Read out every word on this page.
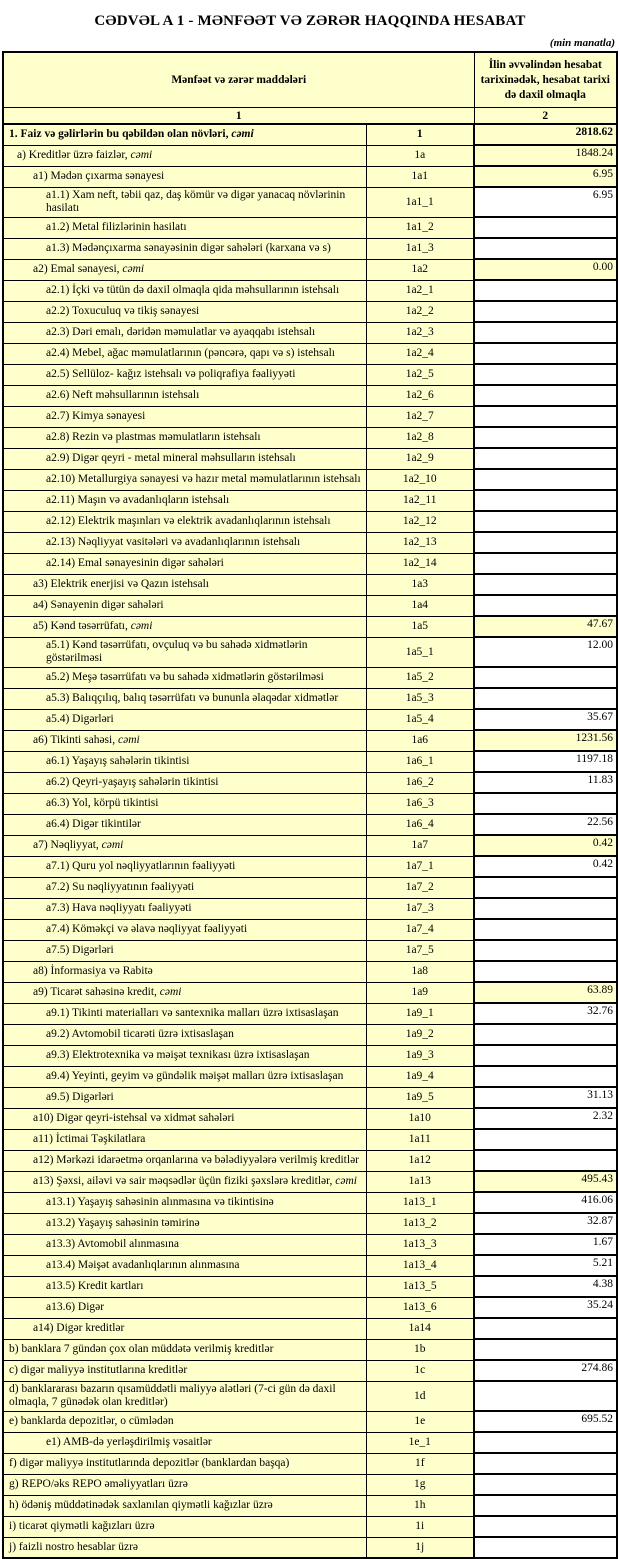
CƏDVƏL A 1 - MƏNFƏƏT VƏ ZƏRƏR HAQQINDA HESABAT
(min manatla)
Mənfəət və zərər maddələri		İlin əvvəlindən hesabat tarixinədək, hesabat tarixi də daxil olmaqla
1		2
1. Faiz və gəlirlərin bu qəbildən olan növləri, cəmi	1	2818.62
a) Kreditlər üzrə faizlər, cəmi	1a	1848.24
a1) Mədən çıxarma sənayesi	1a1	6.95
a1.1) Xam neft, təbii qaz, daş kömür və digər yanacaq növlərinin hasilatı	1a1_1	6.95
a1.2) Metal filizlərinin hasilatı	1a1_2	
a1.3) Mədənçıxarma sənayəsinin digər sahələri (karxana və s)	1a1_3	
a2) Emal sənayesi, cəmi	1a2	0.00
a2.1) İçki və tütün də daxil olmaqla qida məhsullarının istehsalı	1a2_1	
a2.2) Toxuculuq və tikiş sənayesi	1a2_2	
a2.3) Dəri emalı, dəridən məmulatlar və ayaqqabı istehsalı	1a2_3	
a2.4) Mebel, ağac məmulatlarının (pəncərə, qapı və s) istehsalı	1a2_4	
a2.5) Sellüloz- kağız istehsalı və poliqrafiya fəaliyyəti	1a2_5	
a2.6) Neft məhsullarının istehsalı	1a2_6	
a2.7) Kimya sənayesi	1a2_7	
a2.8) Rezin və plastmas məmulatların istehsalı	1a2_8	
a2.9) Digər qeyri - metal mineral məhsulların istehsalı	1a2_9	
a2.10) Metallurgiya sənayesi və hazır metal məmulatlarının istehsalı	1a2_10	
a2.11) Maşın və avadanlıqların istehsalı	1a2_11	
a2.12) Elektrik maşınları və elektrik avadanlıqlarının istehsalı	1a2_12	
a2.13) Nəqliyyat vasitələri və avadanlıqlarının istehsalı	1a2_13	
a2.14) Emal sənayesinin digər sahələri	1a2_14	
a3) Elektrik enerjisi və Qazın istehsalı	1a3	
a4) Sənayenin digər sahələri	1a4	
a5) Kənd təsərrüfatı, cəmi	1a5	47.67
a5.1) Kənd təsərrüfatı, ovçuluq və bu sahədə xidmətlərin göstərilməsi	1a5_1	12.00
a5.2) Meşə təsərrüfatı və bu sahədə xidmətlərin göstərilməsi	1a5_2	
a5.3) Balıqçılıq, balıq təsərrüfatı və bununla əlaqədar xidmətlər	1a5_3	
a5.4) Digərləri	1a5_4	35.67
a6) Tikinti sahəsi, cəmi	1a6	1231.56
a6.1) Yaşayış sahələrin tikintisi	1a6_1	1197.18
a6.2) Qeyri-yaşayış sahələrin tikintisi	1a6_2	11.83
a6.3) Yol, körpü tikintisi	1a6_3	
a6.4) Digər tikintilər	1a6_4	22.56
a7) Nəqliyyat, cəmi	1a7	0.42
a7.1) Quru yol nəqliyyatlarının fəaliyyəti	1a7_1	0.42
a7.2) Su nəqliyyatının fəaliyyəti	1a7_2	
a7.3) Hava nəqliyyatı fəaliyyəti	1a7_3	
a7.4) Köməkçi və əlavə nəqliyyat fəaliyyəti	1a7_4	
a7.5) Digərləri	1a7_5	
a8) İnformasiya və Rabitə	1a8	
a9) Ticarət sahəsinə kredit, cəmi	1a9	63.89
a9.1) Tikinti materialları və santexnika malları üzrə ixtisaslaşan	1a9_1	32.76
a9.2) Avtomobil ticarəti üzrə ixtisaslaşan	1a9_2	
a9.3) Elektrotexnika və məişət texnikası üzrə ixtisaslaşan	1a9_3	
a9.4) Yeyinti, geyim və gündəlik məişət malları üzrə ixtisaslaşan	1a9_4	
a9.5) Digərləri	1a9_5	31.13
a10) Digər qeyri-istehsal və xidmət sahələri	1a10	2.32
a11) İctimai Təşkilatlara	1a11	
a12) Mərkəzi idarəetmə orqanlarına və bələdiyyələrə verilmiş kreditlər	1a12	
a13) Şəxsi, ailəvi və sair məqsədlər üçün fiziki şəxslərə kreditlər, cəmi	1a13	495.43
a13.1) Yaşayış sahəsinin alınmasına və tikintisinə	1a13_1	416.06
a13.2) Yaşayış sahəsinin təmirinə	1a13_2	32.87
a13.3) Avtomobil alınmasına	1a13_3	1.67
a13.4) Məişət avadanlıqlarının alınmasına	1a13_4	5.21
a13.5) Kredit kartları	1a13_5	4.38
a13.6) Digər	1a13_6	35.24
a14) Digər kreditlər	1a14	
b) banklara 7 gündən çox olan müddətə verilmiş kreditlər	1b	
c) digər maliyyə institutlarına kreditlər	1c	274.86
d) banklararası bazarın qısamüddətli maliyyə alətləri (7-ci gün də daxil olmaqla, 7 günədək olan kreditlər)	1d	
e) banklarda depozitlər, o cümlədən	1e	695.52
e1) AMB-də yerləşdirilmiş vəsaitlər	1e_1	
f) digər maliyyə institutlarında depozitlər (banklardan başqa)	1f	
g) REPO/əks REPO əməliyyatları üzrə	1g	
h) ödəniş müddətinədək saxlanılan qiymətli kağızlar üzrə	1h	
i) ticarət qiymətli kağızları üzrə	1i	
j) faizli nostro hesablar üzrə	1j	
